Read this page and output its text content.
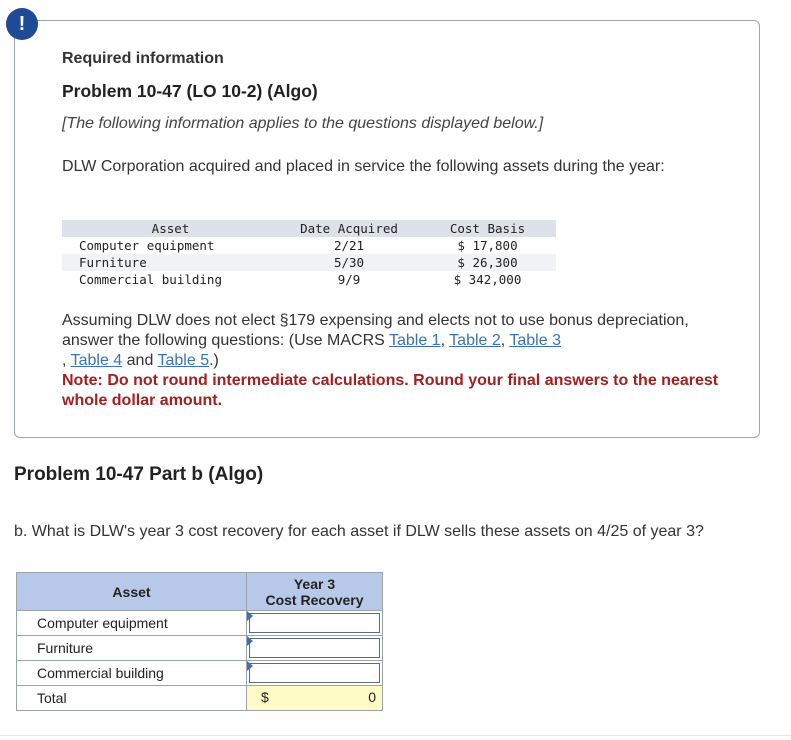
!
Required information
Problem 10-47 (LO 10-2) (Algo)
[The following information applies to the questions displayed below.]
DLW Corporation acquired and placed in service the following assets during the year:
Asset	Date Acquired	Cost Basis
Computer equipment	2/21	$ 17,800
Furniture	5/30	$ 26,300
Commercial building	9/9	$ 342,000
Assuming DLW does not elect §179 expensing and elects not to use bonus depreciation, answer the following questions: (Use MACRS Table 1, Table 2, Table 3
, Table 4 and Table 5.)
Note: Do not round intermediate calculations. Round your final answers to the nearest whole dollar amount.
Problem 10-47 Part b (Algo)
b. What is DLW's year 3 cost recovery for each asset if DLW sells these assets on 4/25 of year 3?
Asset	Year 3
Cost Recovery
Computer equipment	

Furniture	

Commercial building	

Total	$ 0
